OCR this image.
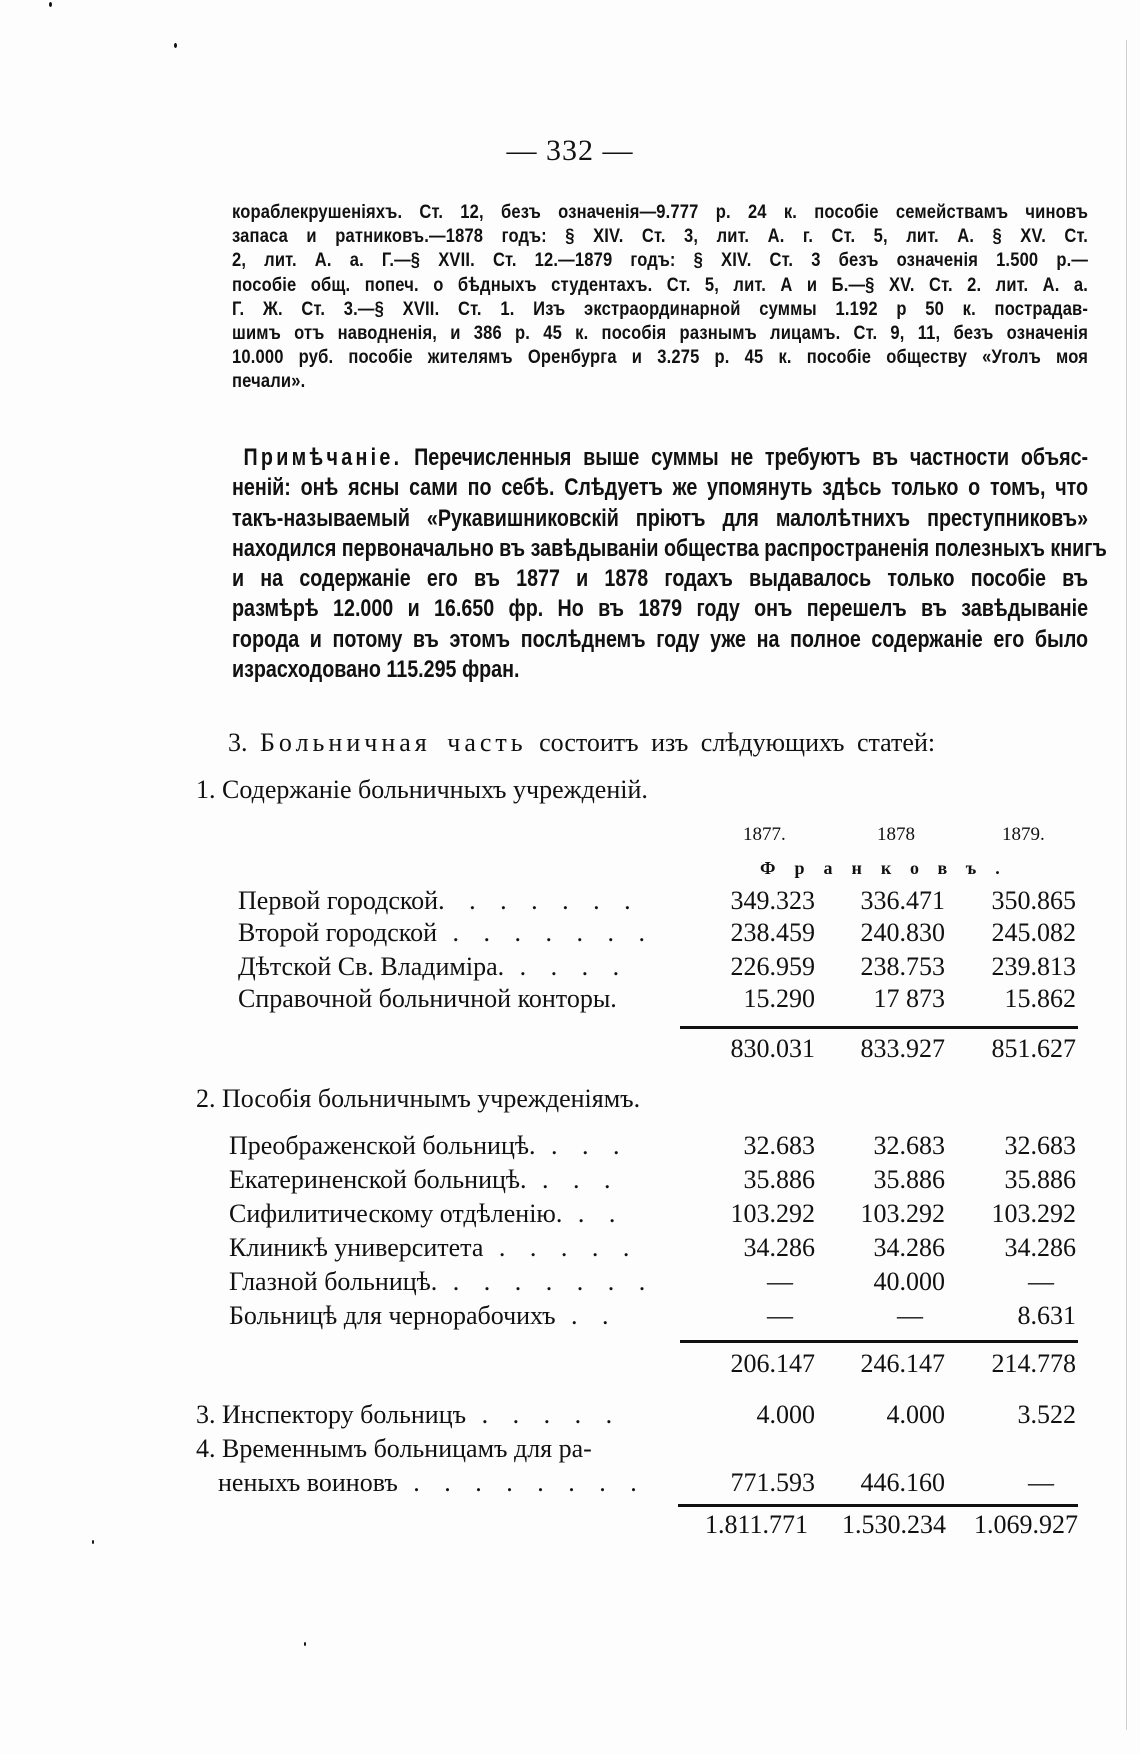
— 332 —
кораблекрушеніяхъ. Ст. 12, безъ означенія—9.777 р. 24 к. пособіе семействамъ чиновъ
запаса и ратниковъ.—1878 годъ: § XIV. Ст. 3, лит. А. г. Ст. 5, лит. А. § XV. Ст.
2, лит. А. а. Г.—§ XVII. Ст. 12.—1879 годъ: § XIV. Ст. 3 безъ означенія 1.500 р.—
пособіе общ. попеч. о бѣдныхъ студентахъ. Ст. 5, лит. А и Б.—§ XV. Ст. 2. лит. А. а.
Г. Ж. Ст. 3.—§ XVII. Ст. 1. Изъ экстраординарной суммы 1.192 р 50 к. пострадав-
шимъ отъ наводненія, и 386 р. 45 к. пособія разнымъ лицамъ. Ст. 9, 11, безъ означенія
10.000 руб. пособіе жителямъ Оренбурга и 3.275 р. 45 к. пособіе обществу «Уголъ моя
печали».
Примѣчаніе. Перечисленныя выше суммы не требуютъ въ частности объяс-
неній: онѣ ясны сами по себѣ. Слѣдуетъ же упомянуть здѣсь только о томъ, что
такъ-называемый «Рукавишниковскій пріютъ для малолѣтнихъ преступниковъ»
находился первоначально въ завѣдываніи общества распространенія полезныхъ книгъ
и на содержаніе его въ 1877 и 1878 годахъ выдавалось только пособіе въ
размѣрѣ 12.000 и 16.650 фр. Но въ 1879 году онъ перешелъ въ завѣдываніе
города и потому въ этомъ послѣднемъ году уже на полное содержаніе его было
израсходовано 115.295 фран.
3. Больничная часть состоитъ изъ слѣдующихъ статей:
1. Содержаніе больничныхъ учрежденій.
1877.	1878	1879.
Франковъ.
Первой городской. . . . . . .	349.323	336.471	350.865
Второй городской . . . . . . .	238.459	240.830	245.082
Дѣтской Св. Владиміра. . . . .	226.959	238.753	239.813
Справочной больничной конторы.	15.290	17 873	15.862
830.031	833.927	851.627
2. Пособія больничнымъ учрежденіямъ.
Преображенской больницѣ. . . .	32.683	32.683	32.683
Екатериненской больницѣ. . . .	35.886	35.886	35.886
Сифилитическому отдѣленію. . .	103.292	103.292	103.292
Клиникѣ университета . . . . .	34.286	34.286	34.286
Глазной больницѣ. . . . . . . .	—	40.000	—
Больницѣ для чернорабочихъ . .	—	—	8.631
206.147	246.147	214.778
3. Инспектору больницъ . . . . .	4.000	4.000	3.522
4. Временнымъ больницамъ для ра-
неныхъ воиновъ . . . . . . . .	771.593	446.160	—
1.811.771	1.530.234	1.069.927
